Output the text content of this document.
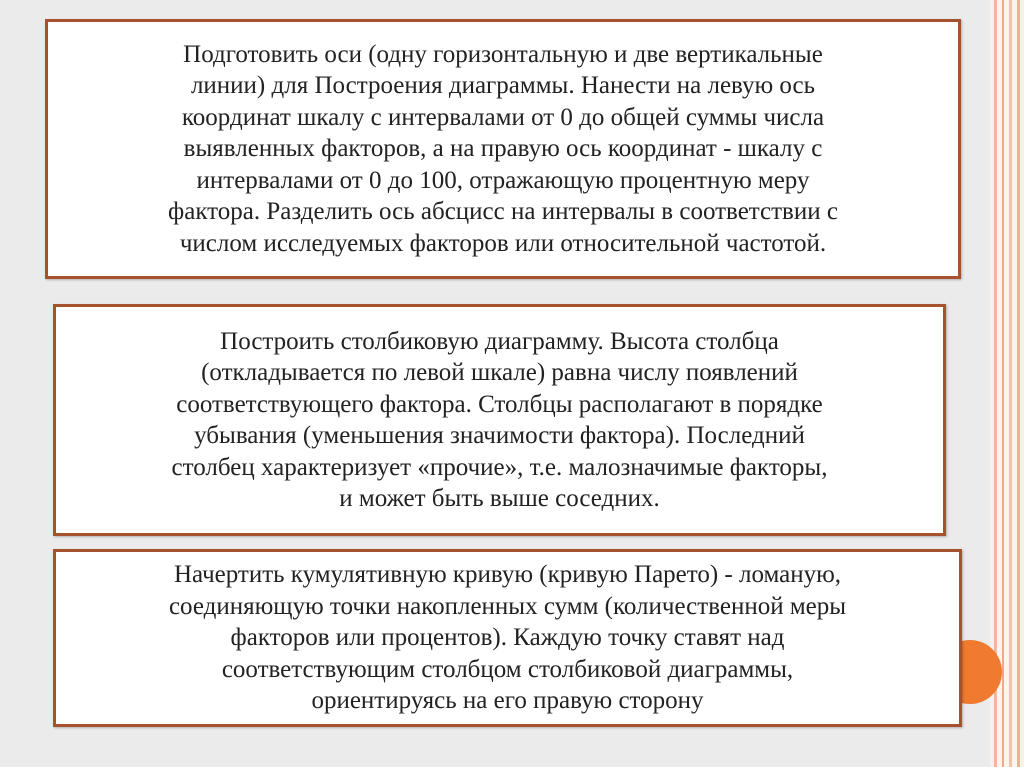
Подготовить оси (одну горизонтальную и две вертикальные
линии) для Построения диаграммы. Нанести на левую ось
координат шкалу с интервалами от 0 до общей суммы числа
выявленных факторов, а на правую ось координат - шкалу с
интервалами от 0 до 100, отражающую процентную меру
фактора. Разделить ось абсцисс на интервалы в соответствии с
числом исследуемых факторов или относительной частотой.
Построить столбиковую диаграмму. Высота столбца
(откладывается по левой шкале) равна числу появлений
соответствующего фактора. Столбцы располагают в порядке
убывания (уменьшения значимости фактора). Последний
столбец характеризует «прочие», т.е. малозначимые факторы,
и может быть выше соседних.
Начертить кумулятивную кривую (кривую Парето) - ломаную,
соединяющую точки накопленных сумм (количественной меры
факторов или процентов). Каждую точку ставят над
соответствующим столбцом столбиковой диаграммы,
ориентируясь на его правую сторону
